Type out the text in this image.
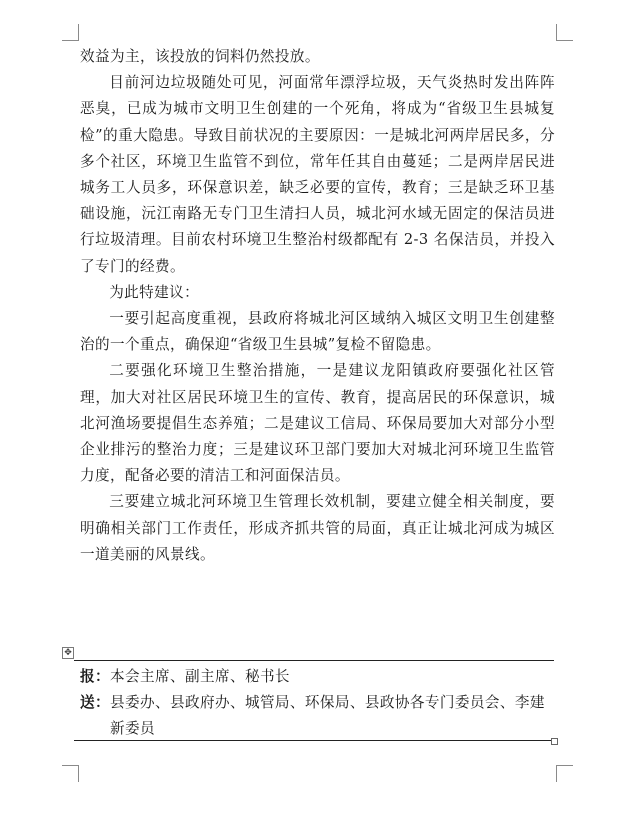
效益为主，该投放的饲料仍然投放。

目前河边垃圾随处可见，河面常年漂浮垃圾，天气炎热时发出阵阵恶臭，已成为城市文明卫生创建的一个死角，将成为“省级卫生县城复检”的重大隐患。导致目前状况的主要原因：一是城北河两岸居民多，分多个社区，环境卫生监管不到位，常年任其自由蔓延；二是两岸居民进城务工人员多，环保意识差，缺乏必要的宣传，教育；三是缺乏环卫基础设施，沅江南路无专门卫生清扫人员，城北河水域无固定的保洁员进行垃圾清理。目前农村环境卫生整治村级都配有 2-3 名保洁员，并投入了专门的经费。

为此特建议：

一要引起高度重视，县政府将城北河区域纳入城区文明卫生创建整治的一个重点，确保迎“省级卫生县城”复检不留隐患。

二要强化环境卫生整治措施，一是建议龙阳镇政府要强化社区管理，加大对社区居民环境卫生的宣传、教育，提高居民的环保意识，城北河渔场要提倡生态养殖；二是建议工信局、环保局要加大对部分小型企业排污的整治力度；三是建议环卫部门要加大对城北河环境卫生监管力度，配备必要的清洁工和河面保洁员。

三要建立城北河环境卫生管理长效机制，要建立健全相关制度，要明确相关部门工作责任，形成齐抓共管的局面，真正让城北河成为城区一道美丽的风景线。

✥
报： 本会主席、副主席、秘书长
送： 县委办、县政府办、城管局、环保局、县政协各专门委员会、李建新委员
